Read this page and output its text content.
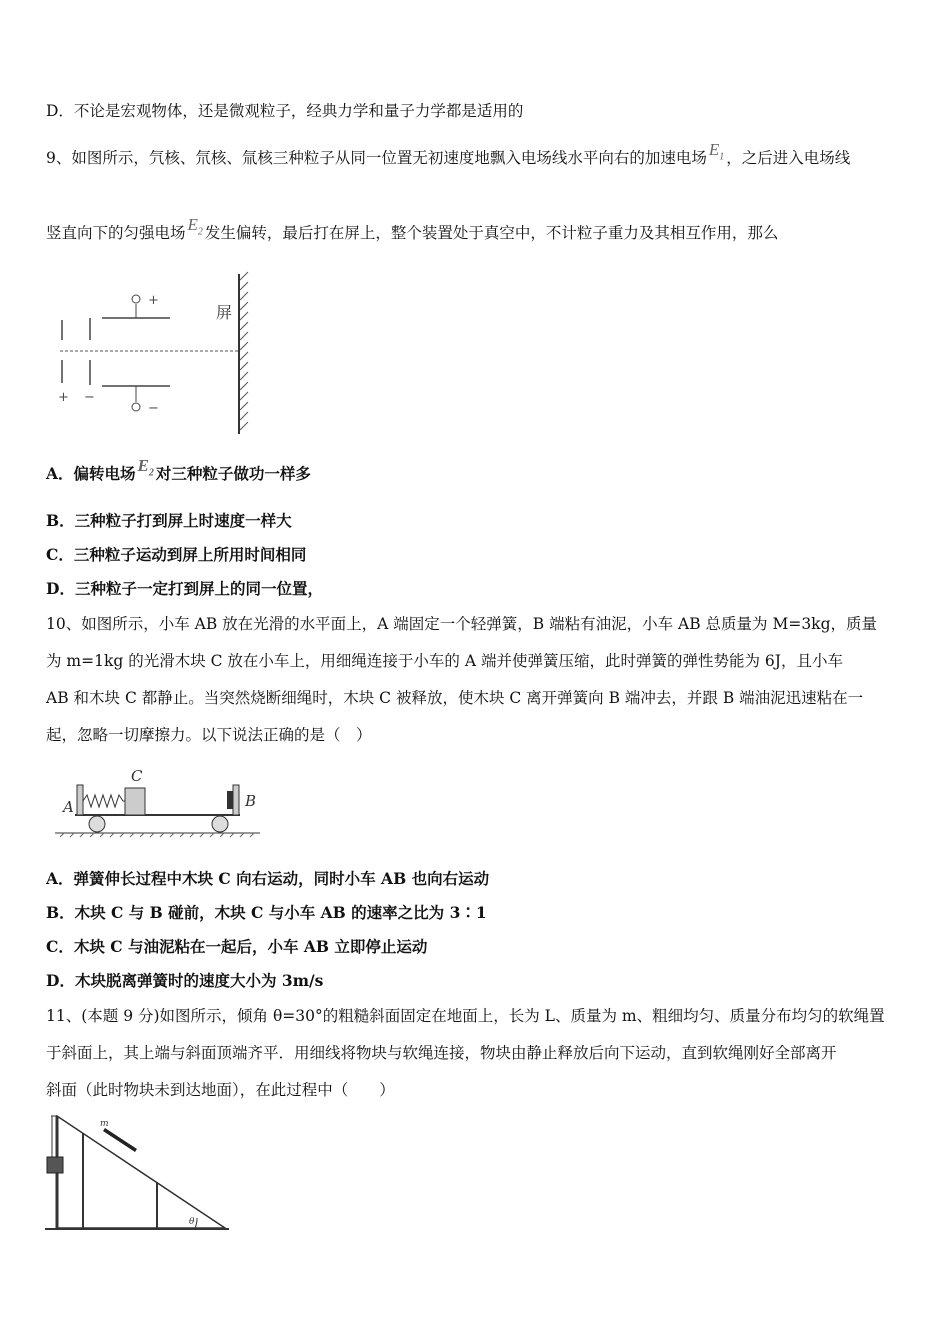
D．不论是宏观物体，还是微观粒子，经典力学和量子力学都是适用的
9、如图所示，氕核、氘核、氚核三种粒子从同一位置无初速度地飘入电场线水平向右的加速电场 $E_1$ ，之后进入电场线
竖直向下的匀强电场 $E_2$ 发生偏转，最后打在屏上，整个装置处于真空中，不计粒子重力及其相互作用，那么
+ −
+
−
屏
A．偏转电场 $E_2$ 对三种粒子做功一样多
B．三种粒子打到屏上时速度一样大
C．三种粒子运动到屏上所用时间相同
D．三种粒子一定打到屏上的同一位置，
10、如图所示，小车 AB 放在光滑的水平面上，A 端固定一个轻弹簧，B 端粘有油泥，小车 AB 总质量为 M=3kg，质量
为 m=1kg 的光滑木块 C 放在小车上，用细绳连接于小车的 A 端并使弹簧压缩，此时弹簧的弹性势能为 6J，且小车
AB 和木块 C 都静止。当突然烧断细绳时，木块 C 被释放，使木块 C 离开弹簧向 B 端冲去，并跟 B 端油泥迅速粘在一
起，忽略一切摩擦力。以下说法正确的是（　）
A	B
C
A．弹簧伸长过程中木块 C 向右运动，同时小车 AB 也向右运动
B．木块 C 与 B 碰前，木块 C 与小车 AB 的速率之比为 3∶1
C．木块 C 与油泥粘在一起后，小车 AB 立即停止运动
D．木块脱离弹簧时的速度大小为 3m/s
11、(本题 9 分)如图所示，倾角 θ=30°的粗糙斜面固定在地面上，长为 L、质量为 m、粗细均匀、质量分布均匀的软绳置
于斜面上，其上端与斜面顶端齐平．用细线将物块与软绳连接，物块由静止释放后向下运动，直到软绳刚好全部离开
斜面（此时物块未到达地面），在此过程中（　　）
m
θ
